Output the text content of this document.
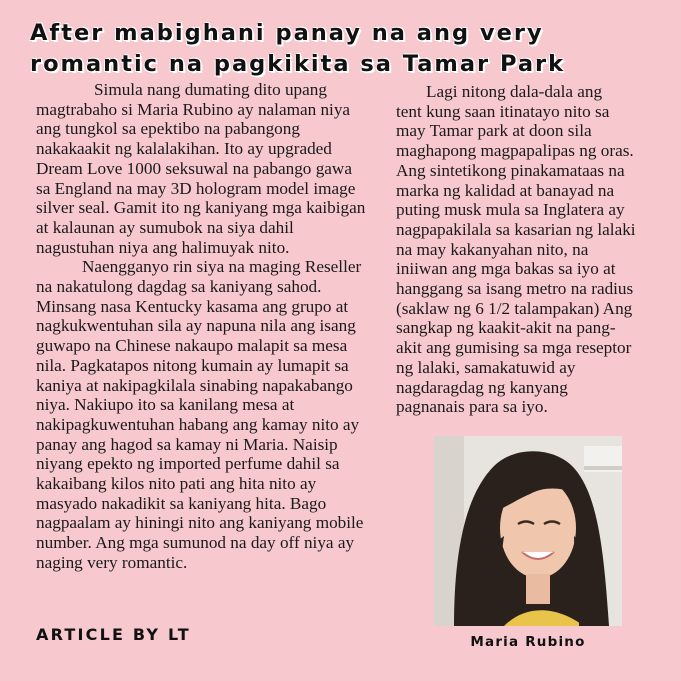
After mabighani panay na ang very
romantic na pagkikita sa Tamar Park

Simula nang dumating dito upang
magtrabaho si Maria Rubino ay nalaman niya
ang tungkol sa epektibo na pabangong
nakakaakit ng kalalakihan. Ito ay upgraded
Dream Love 1000 seksuwal na pabango gawa
sa England na may 3D hologram model image
silver seal. Gamit ito ng kaniyang mga kaibigan
at kalaunan ay sumubok na siya dahil
nagustuhan niya ang halimuyak nito.

Naengganyo rin siya na maging Reseller
na nakatulong dagdag sa kaniyang sahod.
Minsang nasa Kentucky kasama ang grupo at
nagkukwentuhan sila ay napuna nila ang isang
guwapo na Chinese nakaupo malapit sa mesa
nila. Pagkatapos nitong kumain ay lumapit sa
kaniya at nakipagkilala sinabing napakabango
niya. Nakiupo ito sa kanilang mesa at
nakipagkuwentuhan habang ang kamay nito ay
panay ang hagod sa kamay ni Maria. Naisip
niyang epekto ng imported perfume dahil sa
kakaibang kilos nito pati ang hita nito ay
masyado nakadikit sa kaniyang hita. Bago
nagpaalam ay hiningi nito ang kaniyang mobile
number. Ang mga sumunod na day off niya ay
naging very romantic.

Lagi nitong dala-dala ang
tent kung saan itinatayo nito sa
may Tamar park at doon sila
maghapong magpapalipas ng oras.
Ang sintetikong pinakamataas na
marka ng kalidad at banayad na
puting musk mula sa Inglatera ay
nagpapakilala sa kasarian ng lalaki
na may kakanyahan nito, na
iniiwan ang mga bakas sa iyo at
hanggang sa isang metro na radius
(saklaw ng 6 1/2 talampakan) Ang
sangkap ng kaakit-akit na pang-
akit ang gumising sa mga reseptor
ng lalaki, samakatuwid ay
nagdaragdag ng kanyang
pagnanais para sa iyo.

Maria Rubino
ARTICLE BY LT
